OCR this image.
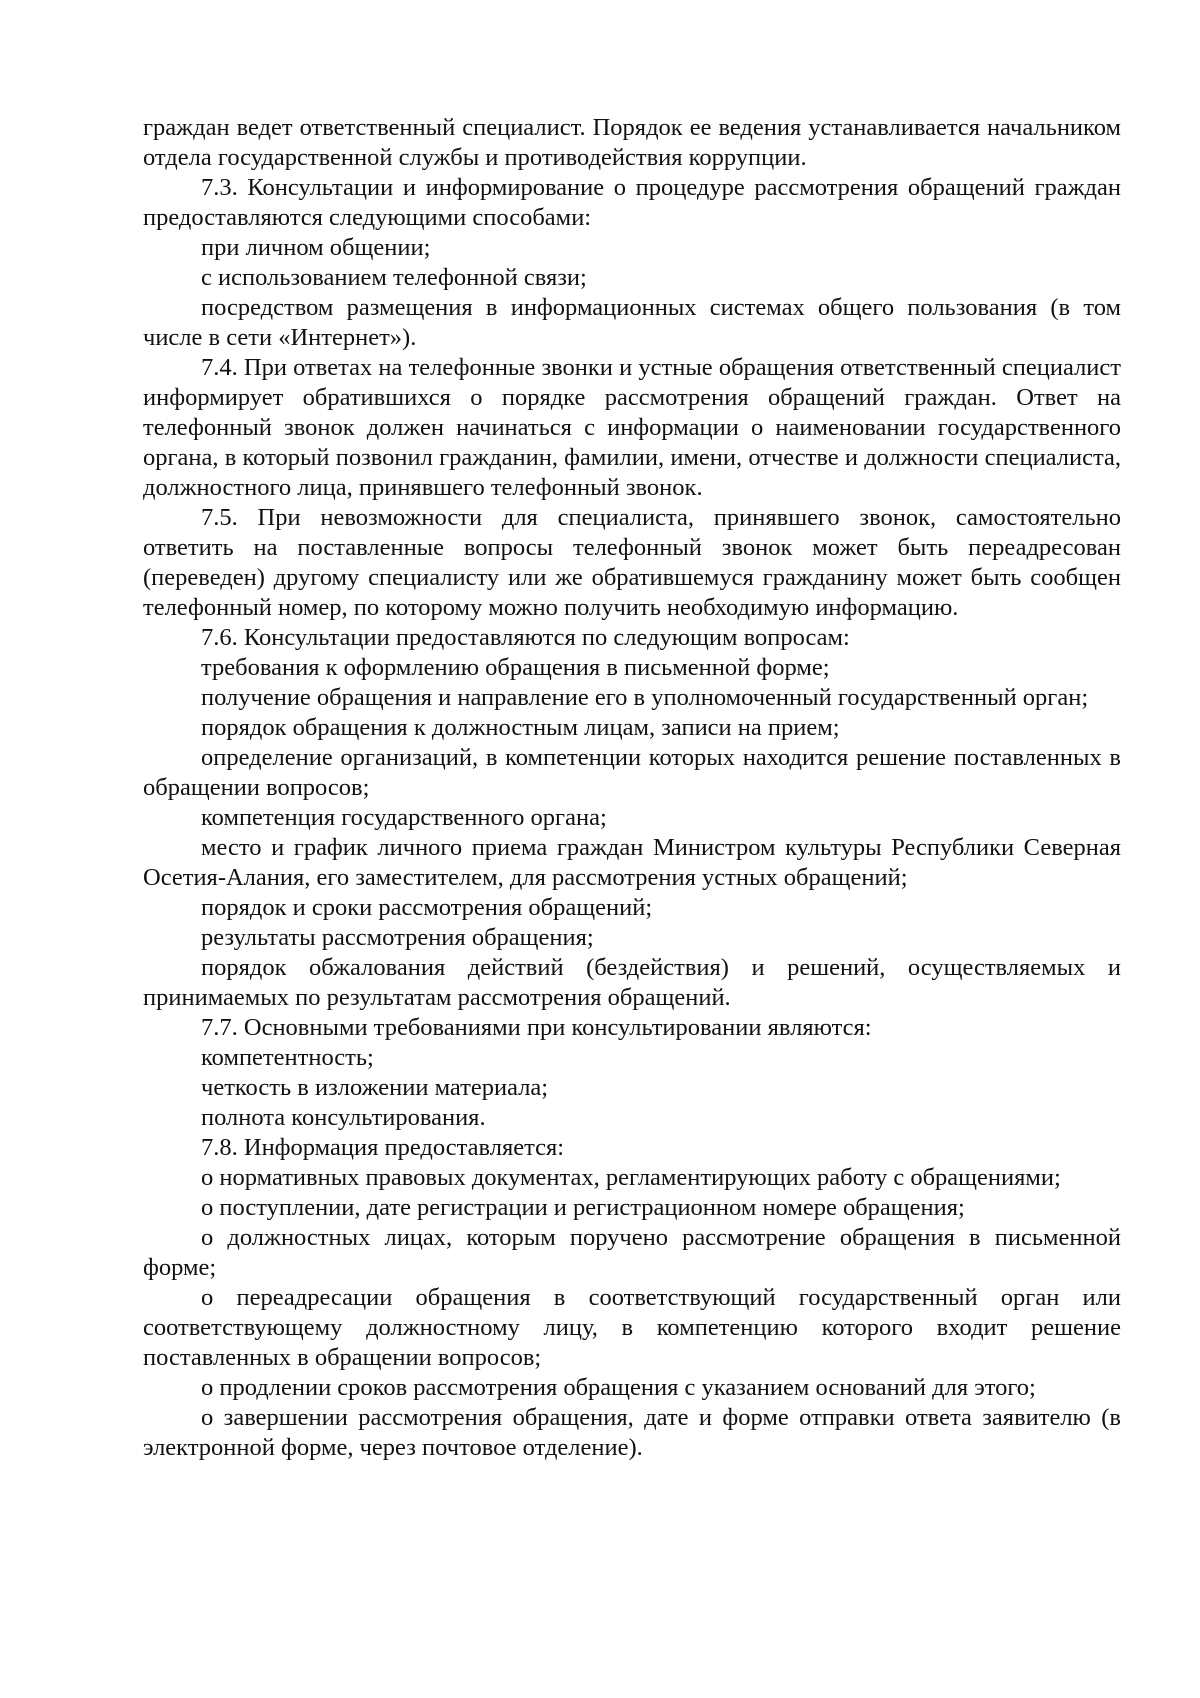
граждан ведет ответственный специалист. Порядок ее ведения устанавливается начальником отдела государственной службы и противодействия коррупции.

7.3. Консультации и информирование о процедуре рассмотрения обращений граждан предоставляются следующими способами:

при личном общении;

с использованием телефонной связи;

посредством размещения в информационных системах общего пользования (в том числе в сети «Интернет»).

7.4. При ответах на телефонные звонки и устные обращения ответственный специалист информирует обратившихся о порядке рассмотрения обращений граждан. Ответ на телефонный звонок должен начинаться с информации о наименовании государственного органа, в который позвонил гражданин, фамилии, имени, отчестве и должности специалиста, должностного лица, принявшего телефонный звонок.

7.5. При невозможности для специалиста, принявшего звонок, самостоятельно ответить на поставленные вопросы телефонный звонок может быть переадресован (переведен) другому специалисту или же обратившемуся гражданину может быть сообщен телефонный номер, по которому можно получить необходимую информацию.

7.6. Консультации предоставляются по следующим вопросам:

требования к оформлению обращения в письменной форме;

получение обращения и направление его в уполномоченный государственный орган;

порядок обращения к должностным лицам, записи на прием;

определение организаций, в компетенции которых находится решение поставленных в обращении вопросов;

компетенция государственного органа;

место и график личного приема граждан Министром культуры Республики Северная Осетия-Алания, его заместителем, для рассмотрения устных обращений;

порядок и сроки рассмотрения обращений;

результаты рассмотрения обращения;

порядок обжалования действий (бездействия) и решений, осуществляемых и принимаемых по результатам рассмотрения обращений.

7.7. Основными требованиями при консультировании являются:

компетентность;

четкость в изложении материала;

полнота консультирования.

7.8. Информация предоставляется:

о нормативных правовых документах, регламентирующих работу с обращениями;

о поступлении, дате регистрации и регистрационном номере обращения;

о должностных лицах, которым поручено рассмотрение обращения в письменной форме;

о переадресации обращения в соответствующий государственный орган или соответствующему должностному лицу, в компетенцию которого входит решение поставленных в обращении вопросов;

о продлении сроков рассмотрения обращения с указанием оснований для этого;

о завершении рассмотрения обращения, дате и форме отправки ответа заявителю (в электронной форме, через почтовое отделение).
